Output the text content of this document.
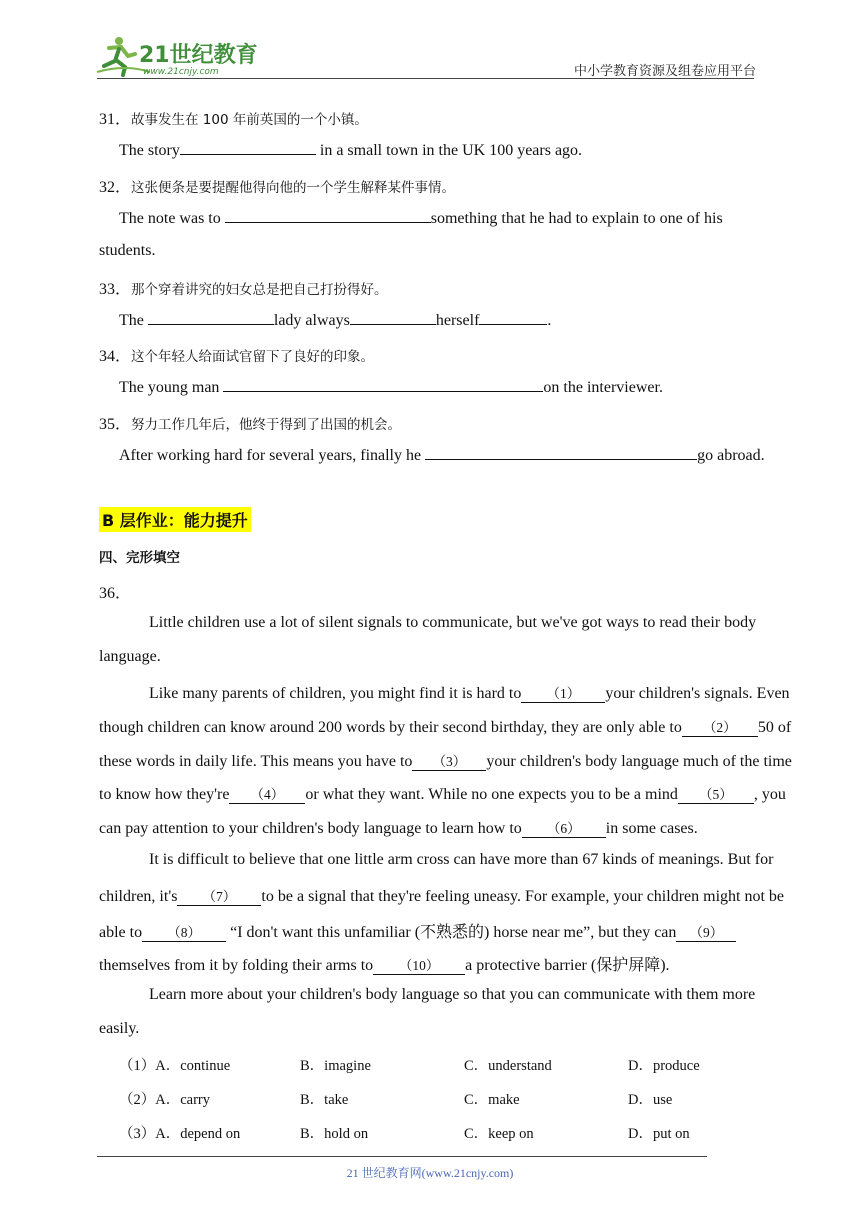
21世纪教育
www.21cnjy.com	中小学教育资源及组卷应用平台
31．故事发生在 100 年前英国的一个小镇。
The story	in a small town in the UK 100 years ago.
32．这张便条是要提醒他得向他的一个学生解释某件事情。
The note was to	something that he had to explain to one of his
students.
33．那个穿着讲究的妇女总是把自己打扮得好。
The	lady always	herself	.
34．这个年轻人给面试官留下了良好的印象。
The young man	on the interviewer.
35．努力工作几年后，他终于得到了出国的机会。
After working hard for several years, finally he	go abroad.
B 层作业：能力提升
四、完形填空
36．
Little children use a lot of silent signals to communicate, but we've got ways to read their body
language.
Like many parents of children, you might find it is hard to （1） your children's signals. Even
though children can know around 200 words by their second birthday, they are only able to （2） 50 of
these words in daily life. This means you have to （3） your children's body language much of the time
to know how they're （4） or what they want. While no one expects you to be a mind （5） , you
can pay attention to your children's body language to learn how to （6） in some cases.
It is difficult to believe that one little arm cross can have more than 67 kinds of meanings. But for
children, it's （7） to be a signal that they're feeling uneasy. For example, your children might not be
able to （8） “I don't want this unfamiliar (不熟悉的) horse near me”, but they can （9）
themselves from it by folding their arms to （10） a protective barrier (保护屏障).
Learn more about your children's body language so that you can communicate with them more
easily.
（1）A．continue	B．imagine	C．understand	D．produce
（2）A．carry	B．take	C．make	D．use
（3）A．depend on	B．hold on	C．keep on	D．put on
21 世纪教育网(www.21cnjy.com)
